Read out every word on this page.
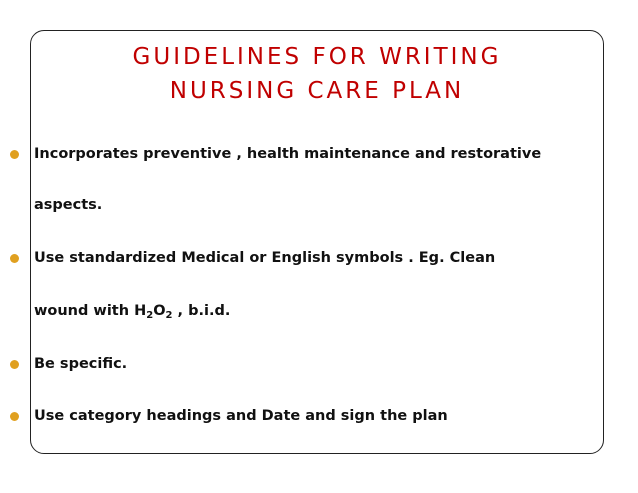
GUIDELINES FOR WRITING
NURSING CARE PLAN
Incorporates preventive , health maintenance and restorative
aspects.
Use standardized Medical or English symbols . Eg. Clean
wound with $H_2O_2$ , b.i.d.
Be specific.
Use category headings and Date and sign the plan
